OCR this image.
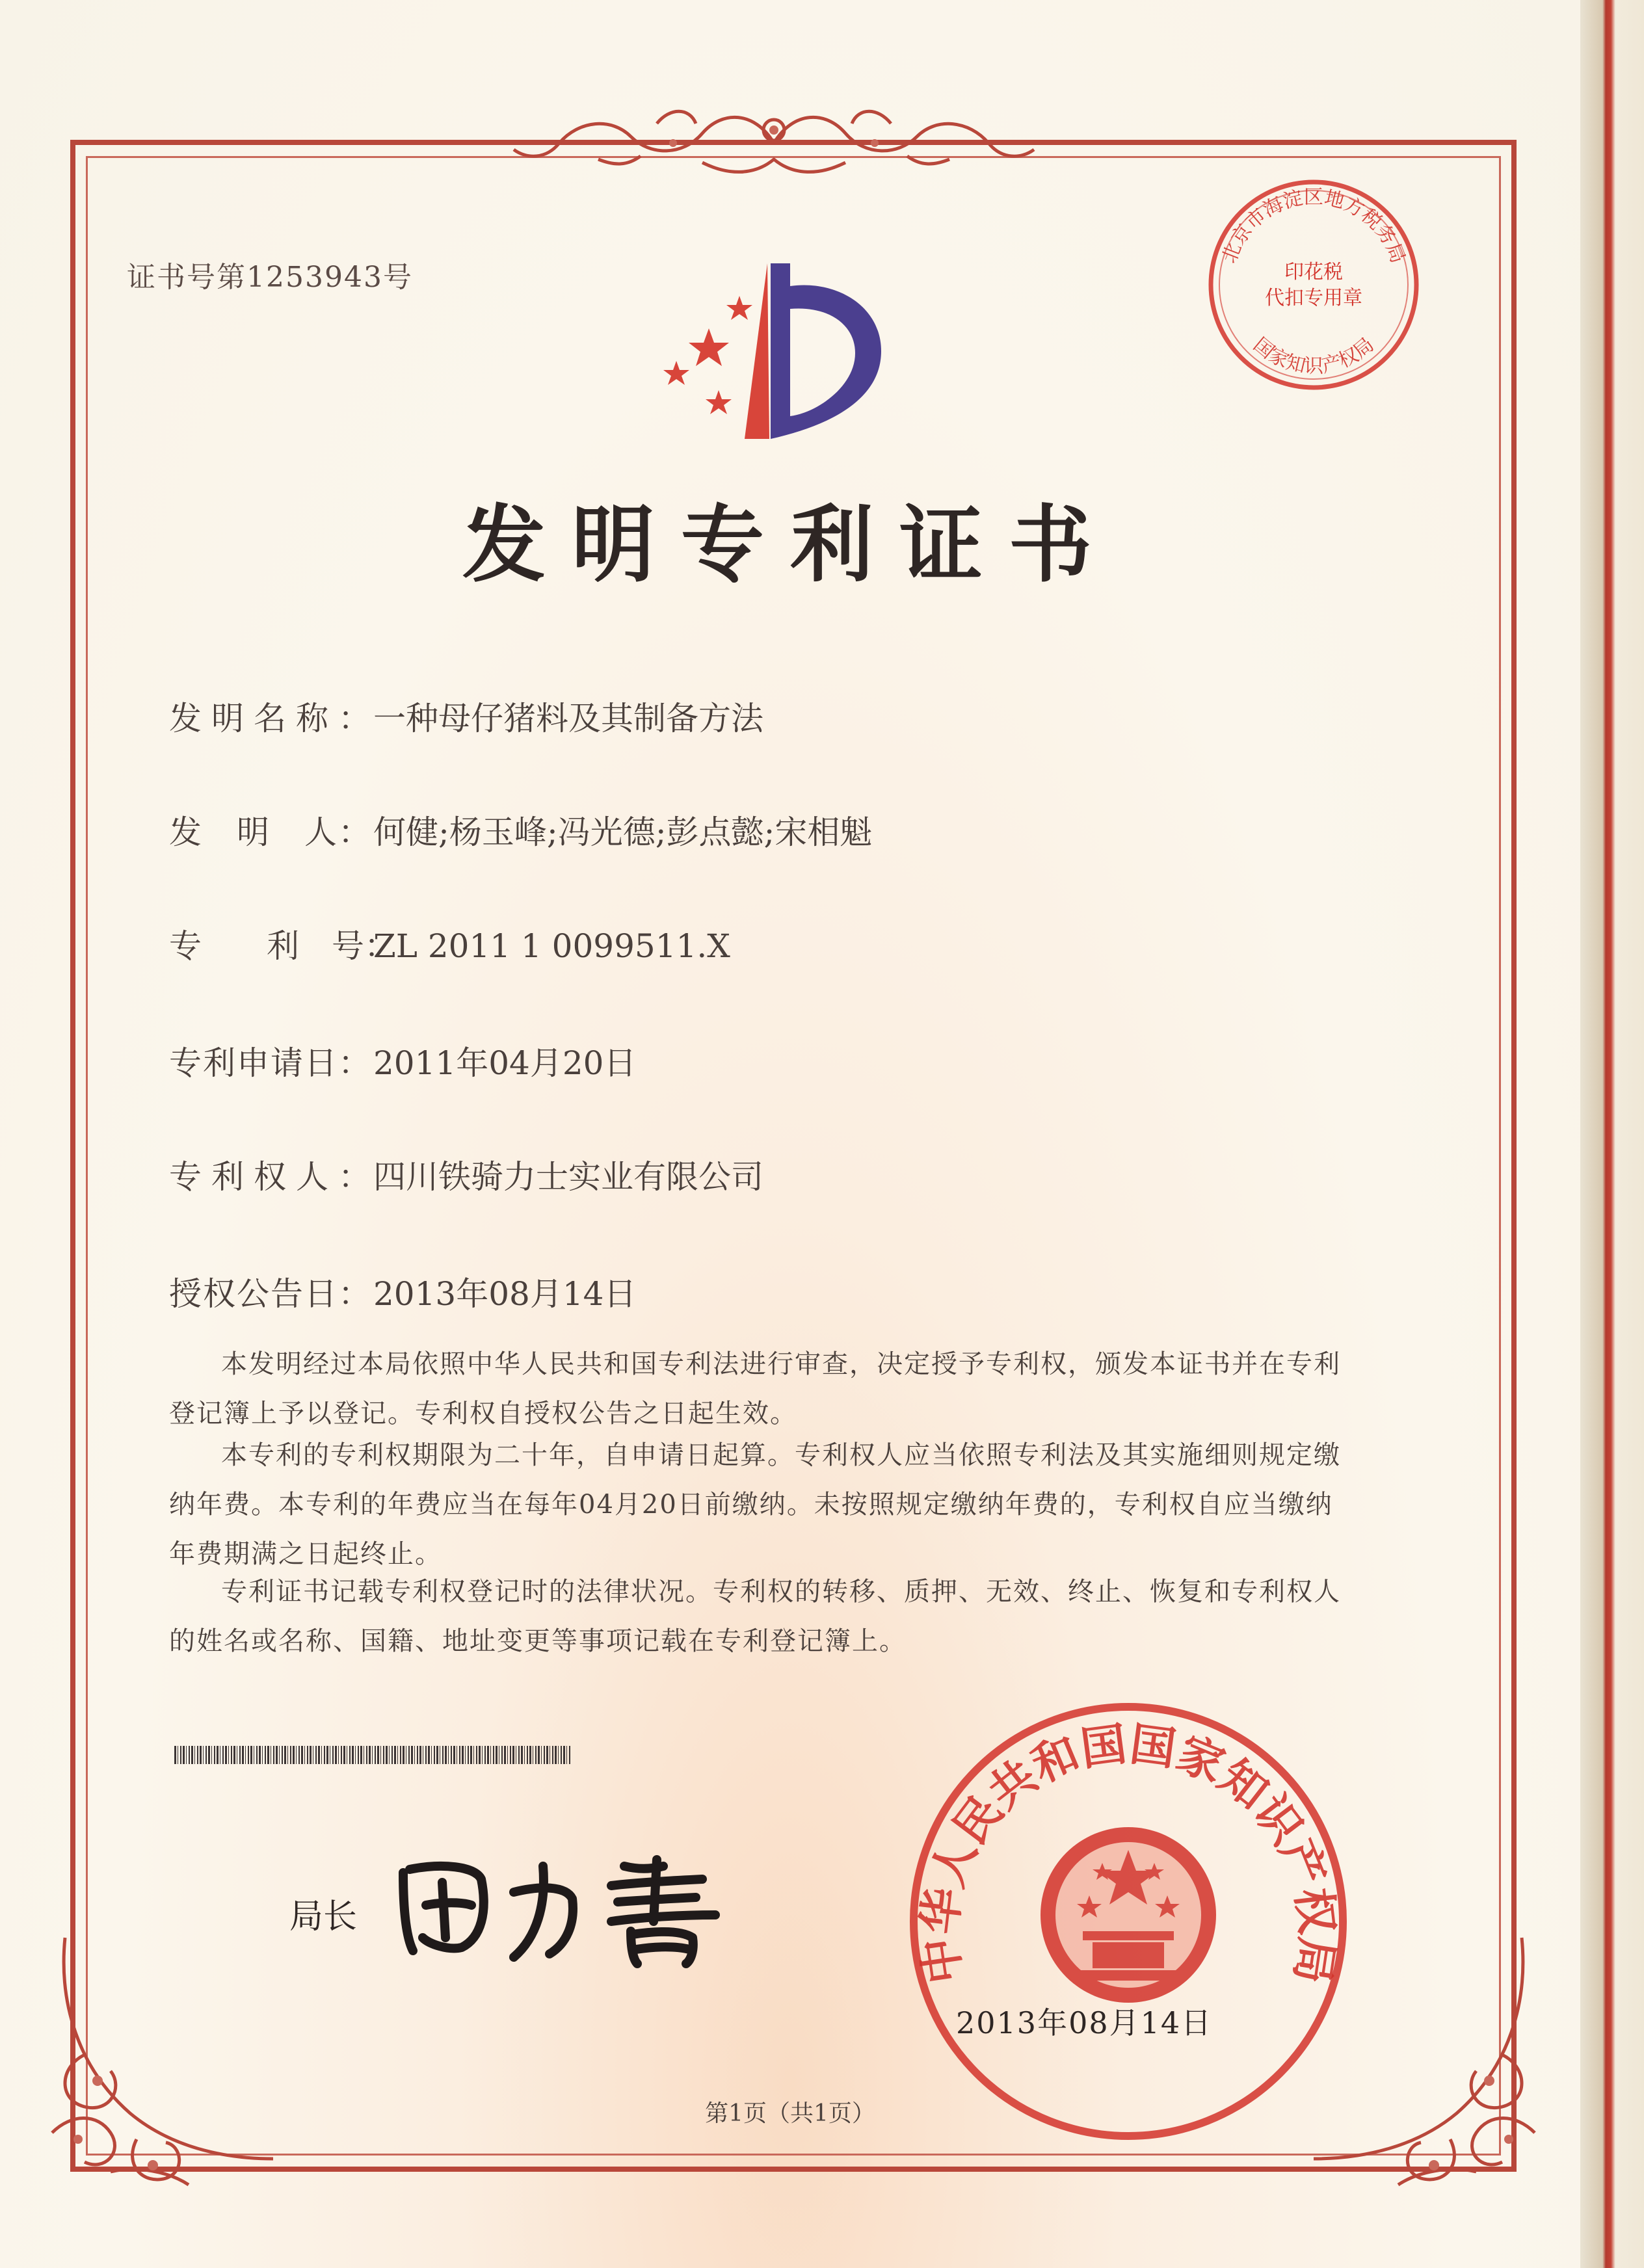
证书号第1253943号
北京市海淀区地方税务局
国家知识产权局
印花税
代扣专用章
发明专利证书
发明名称：一种母仔猪料及其制备方法
发　明　人：何健;杨玉峰;冯光德;彭点懿;宋相魁
专　　利　号：ZL 2011 1 0099511.X
专利申请日：2011年04月20日
专利权人：四川铁骑力士实业有限公司
授权公告日：2013年08月14日
本发明经过本局依照中华人民共和国专利法进行审查，决定授予专利权，颁发本证书并在专利登记簿上予以登记。专利权自授权公告之日起生效。
本专利的专利权期限为二十年，自申请日起算。专利权人应当依照专利法及其实施细则规定缴纳年费。本专利的年费应当在每年04月20日前缴纳。未按照规定缴纳年费的，专利权自应当缴纳年费期满之日起终止。
专利证书记载专利权登记时的法律状况。专利权的转移、质押、无效、终止、恢复和专利权人的姓名或名称、国籍、地址变更等事项记载在专利登记簿上。
局长
中华人民共和国国家知识产权局
2013年08月14日
第1页（共1页）
